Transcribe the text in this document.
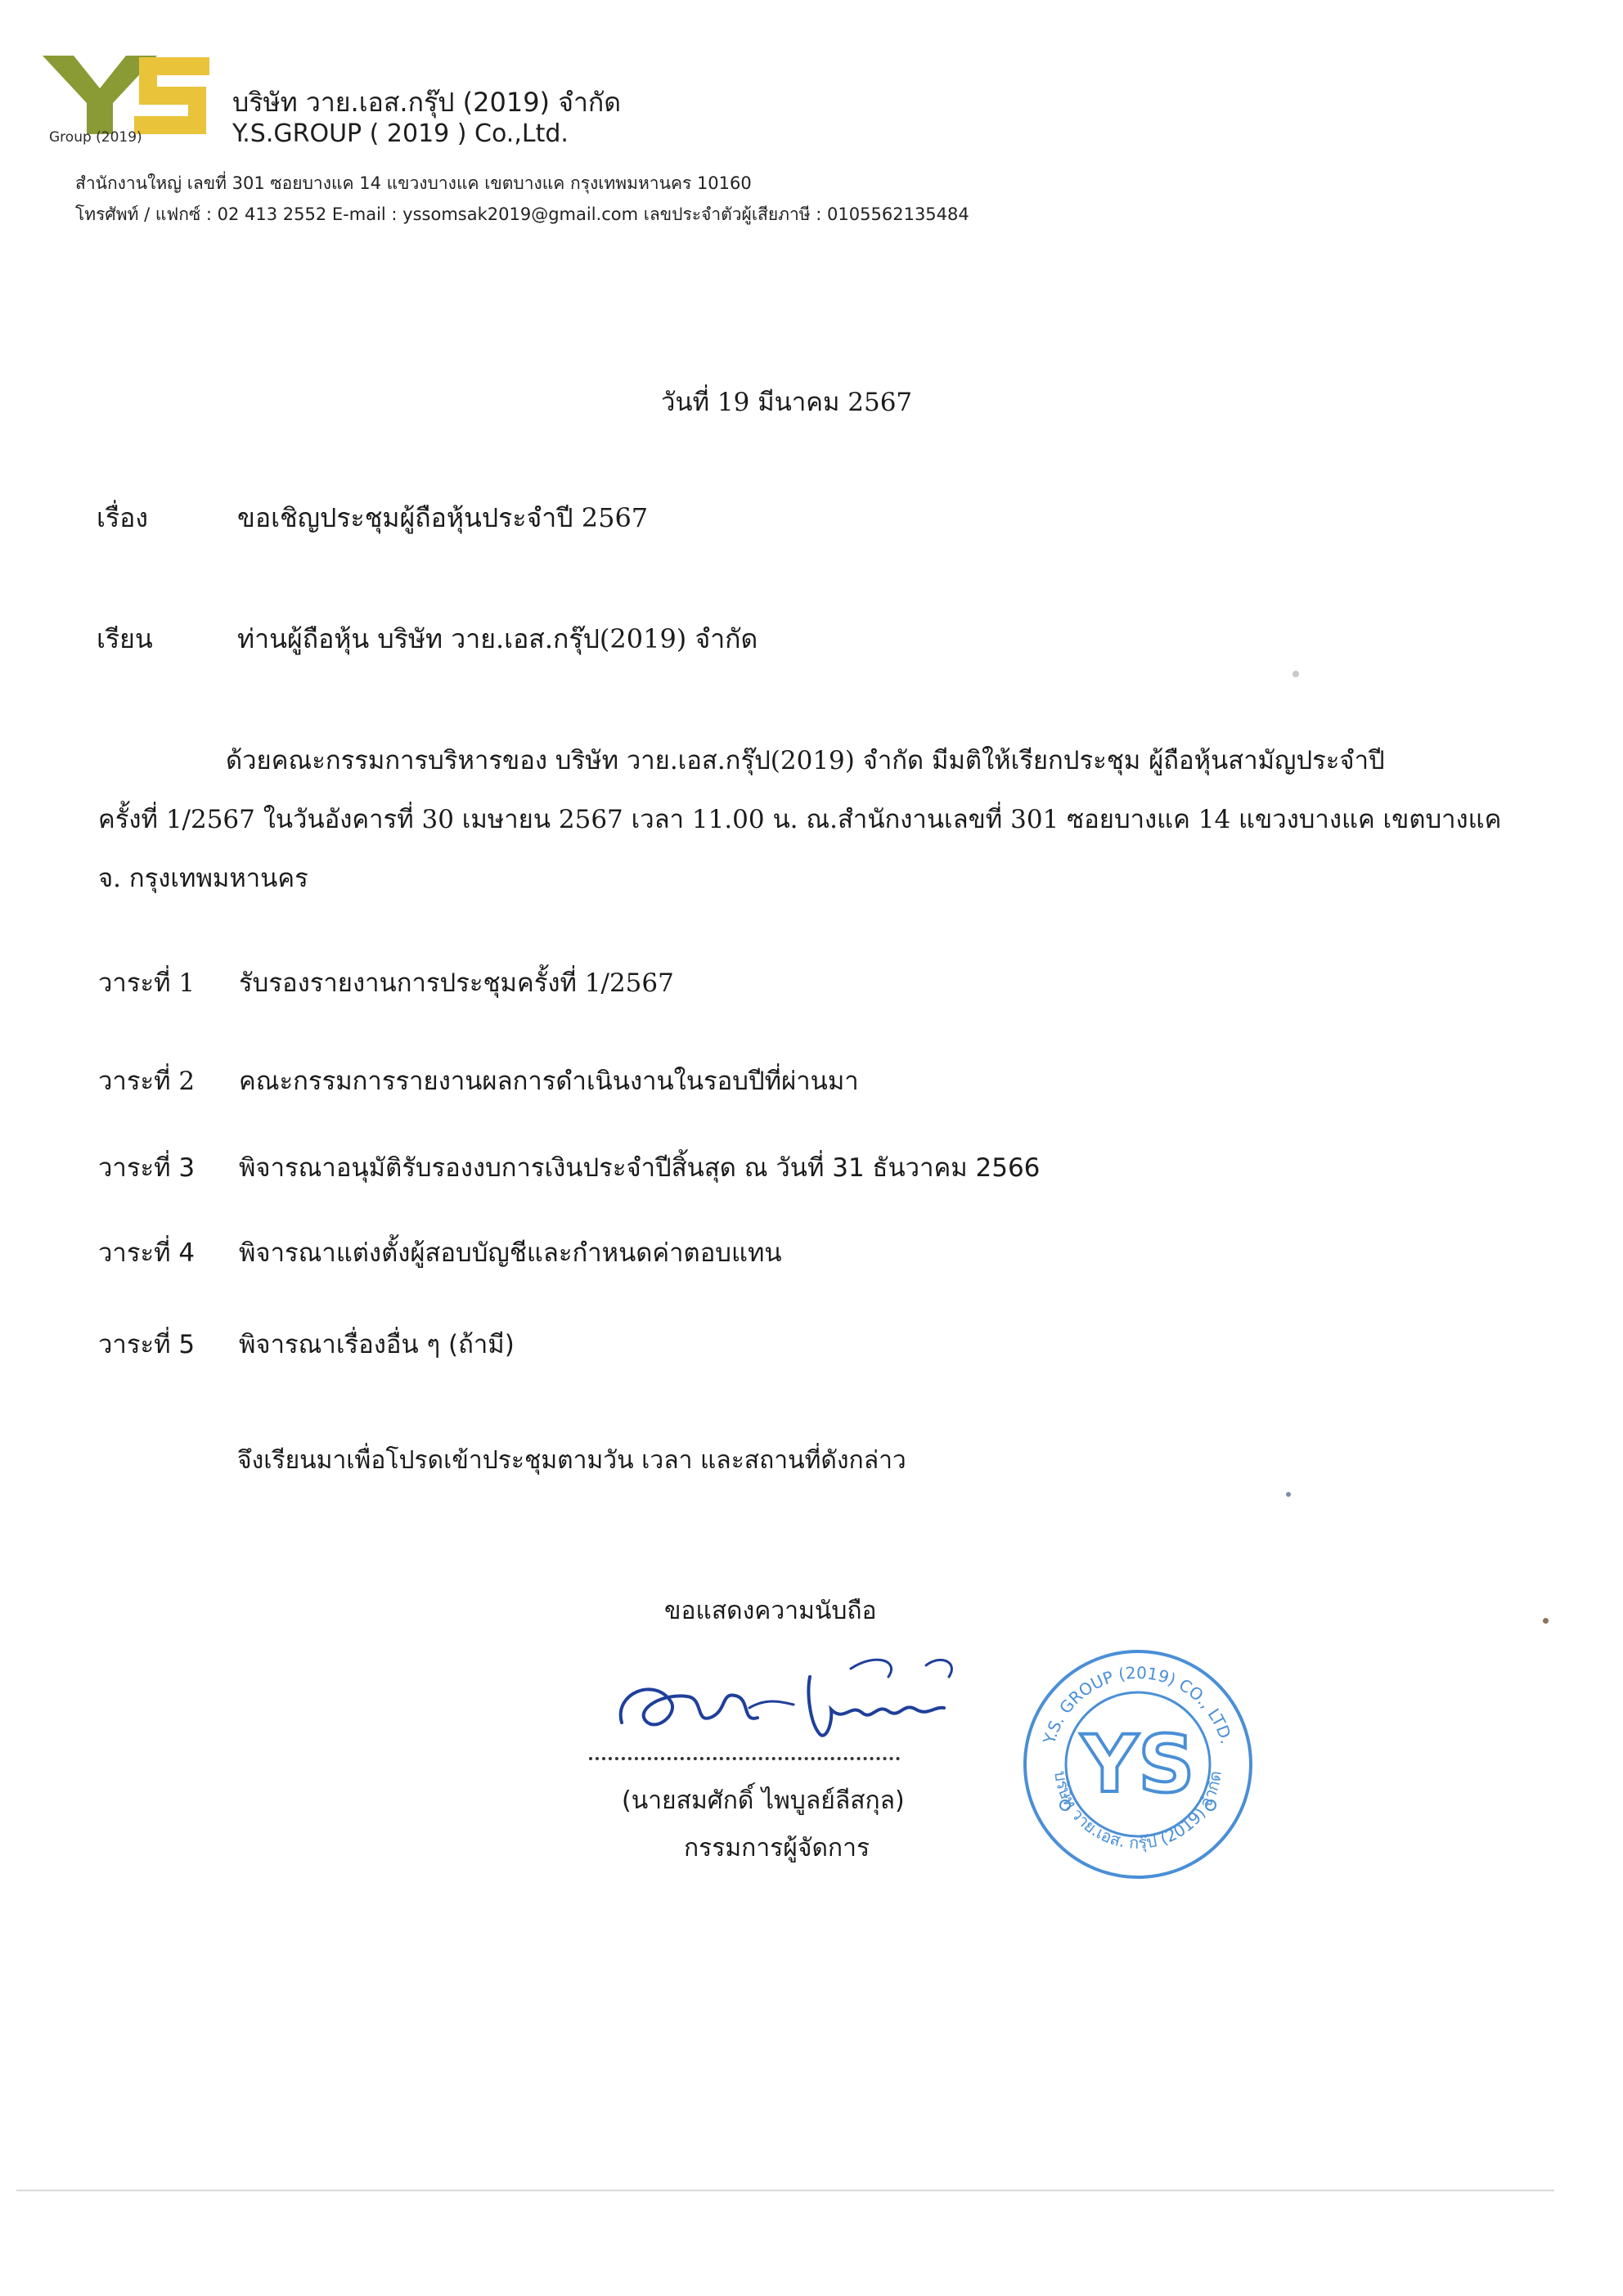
Group (2019)
บริษัท วาย.เอส.กรุ๊ป (2019) จำกัด
Y.S.GROUP ( 2019 ) Co.,Ltd.
สำนักงานใหญ่ เลขที่ 301 ซอยบางแค 14 แขวงบางแค เขตบางแค กรุงเทพมหานคร 10160
โทรศัพท์ / แฟกซ์ : 02 413 2552 E-mail : yssomsak2019@gmail.com เลขประจำตัวผู้เสียภาษี : 0105562135484
วันที่ 19 มีนาคม 2567
เรื่อง	ขอเชิญประชุมผู้ถือหุ้นประจำปี 2567
เรียน	ท่านผู้ถือหุ้น บริษัท วาย.เอส.กรุ๊ป(2019) จำกัด
ด้วยคณะกรรมการบริหารของ บริษัท วาย.เอส.กรุ๊ป(2019) จำกัด มีมติให้เรียกประชุม ผู้ถือหุ้นสามัญประจำปี
ครั้งที่ 1/2567 ในวันอังคารที่ 30 เมษายน 2567 เวลา 11.00 น. ณ.สำนักงานเลขที่ 301 ซอยบางแค 14 แขวงบางแค เขตบางแค
จ. กรุงเทพมหานคร
วาระที่ 1 รับรองรายงานการประชุมครั้งที่ 1/2567
วาระที่ 2 คณะกรรมการรายงานผลการดำเนินงานในรอบปีที่ผ่านมา
วาระที่ 3 พิจารณาอนุมัติรับรองงบการเงินประจำปีสิ้นสุด ณ วันที่ 31 ธันวาคม 2566
วาระที่ 4 พิจารณาแต่งตั้งผู้สอบบัญชีและกำหนดค่าตอบแทน
วาระที่ 5 พิจารณาเรื่องอื่น ๆ (ถ้ามี)
จึงเรียนมาเพื่อโปรดเข้าประชุมตามวัน เวลา และสถานที่ดังกล่าว
ขอแสดงความนับถือ
(นายสมศักดิ์ ไพบูลย์ลีสกุล)
กรรมการผู้จัดการ
Y.S. GROUP (2019) CO., LTD.
บริษัท วาย.เอส. กรุ๊ป (2019) จำกัด
YS
